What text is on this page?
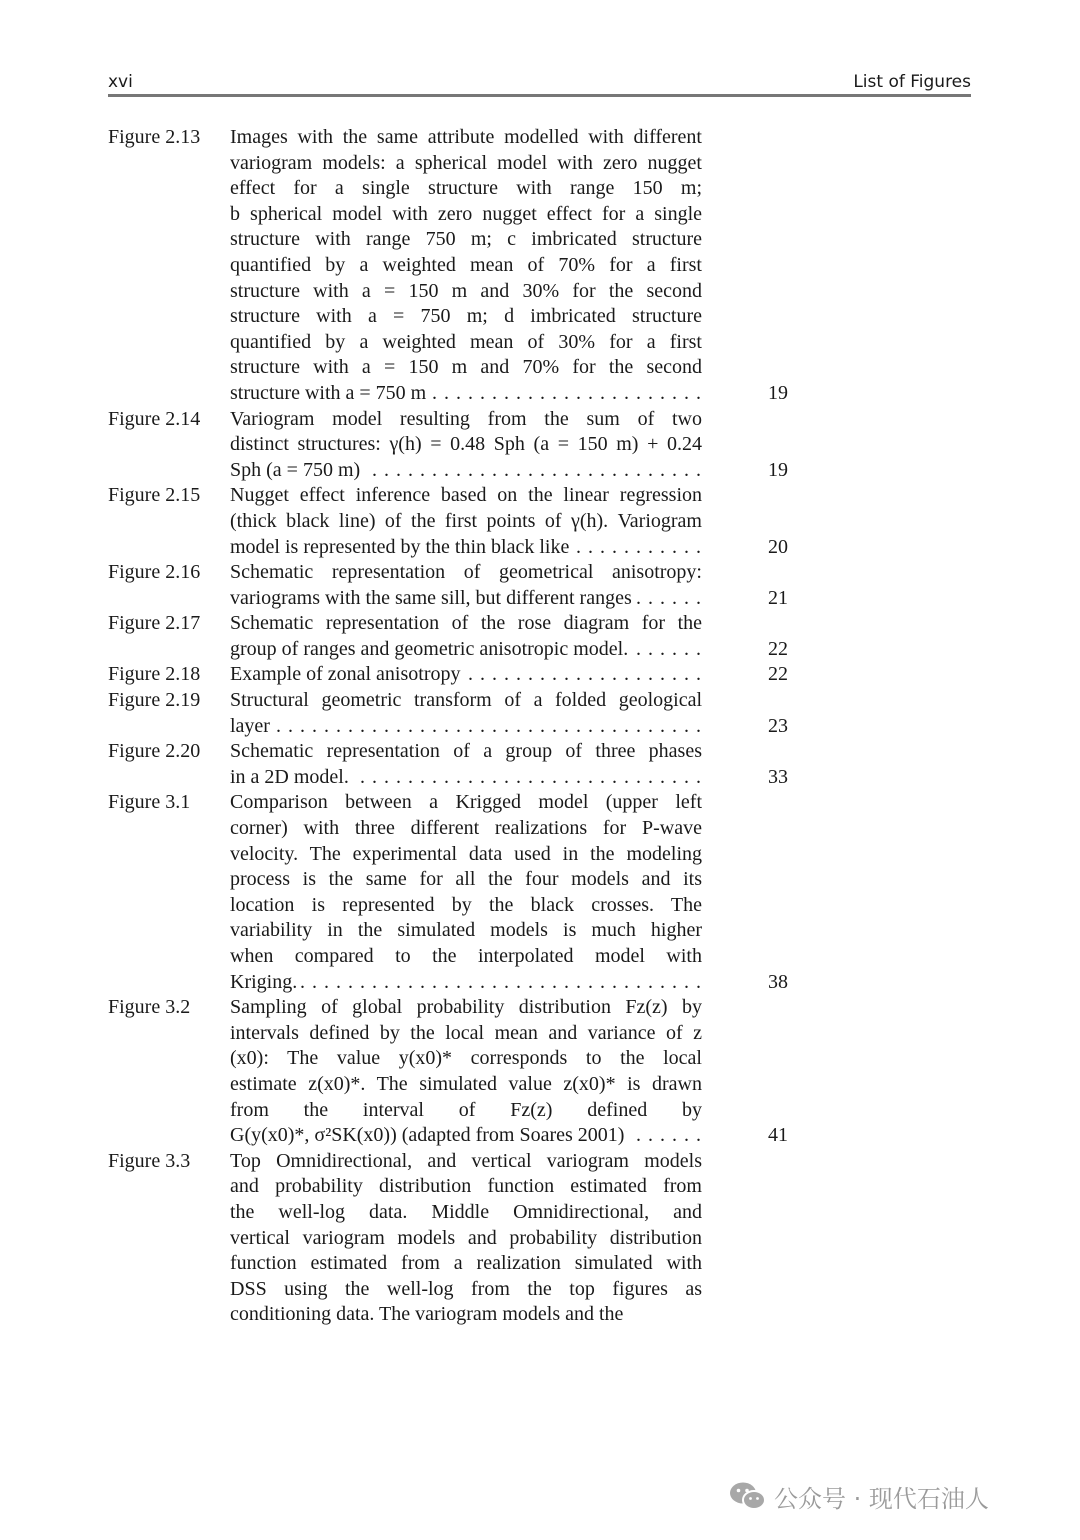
xvi	List of Figures
Figure 2.13	Images with the same attribute modelled with different
variogram models: a spherical model with zero nugget
effect for a single structure with range 150 m;
b spherical model with zero nugget effect for a single
structure with range 750 m; c imbricated structure
quantified by a weighted mean of 70% for a first
structure with a = 150 m and 30% for the second
structure with a = 750 m; d imbricated structure
quantified by a weighted mean of 30% for a first
structure with a = 150 m and 70% for the second
structure with a = 750 m . . .	19
Figure 2.14	Variogram model resulting from the sum of two
distinct structures: γ(h) = 0.48 Sph (a = 150 m) + 0.24
Sph (a = 750 m) . . .	19
Figure 2.15	Nugget effect inference based on the linear regression
(thick black line) of the first points of γ(h). Variogram
model is represented by the thin black like . . .	20
Figure 2.16	Schematic representation of geometrical anisotropy:
variograms with the same sill, but different ranges . . .	21
Figure 2.17	Schematic representation of the rose diagram for the
group of ranges and geometric anisotropic model. . . .	22
Figure 2.18	Example of zonal anisotropy . . .	22
Figure 2.19	Structural geometric transform of a folded geological
layer . . .	23
Figure 2.20	Schematic representation of a group of three phases
in a 2D model. . . .	33
Figure 3.1	Comparison between a Krigged model (upper left
corner) with three different realizations for P-wave
velocity. The experimental data used in the modeling
process is the same for all the four models and its
location is represented by the black crosses. The
variability in the simulated models is much higher
when compared to the interpolated model with
Kriging. . . .	38
Figure 3.2	Sampling of global probability distribution Fz(z) by
intervals defined by the local mean and variance of z
(x0): The value y(x0)* corresponds to the local
estimate z(x0)*. The simulated value z(x0)* is drawn
from the interval of Fz(z) defined by
G(y(x0)*, σ²SK(x0)) (adapted from Soares 2001) . . .	41
Figure 3.3	Top Omnidirectional, and vertical variogram models
and probability distribution function estimated from
the well-log data. Middle Omnidirectional, and
vertical variogram models and probability distribution
function estimated from a realization simulated with
DSS using the well-log from the top figures as
conditioning data. The variogram models and the
公众号 · 现代石油人
